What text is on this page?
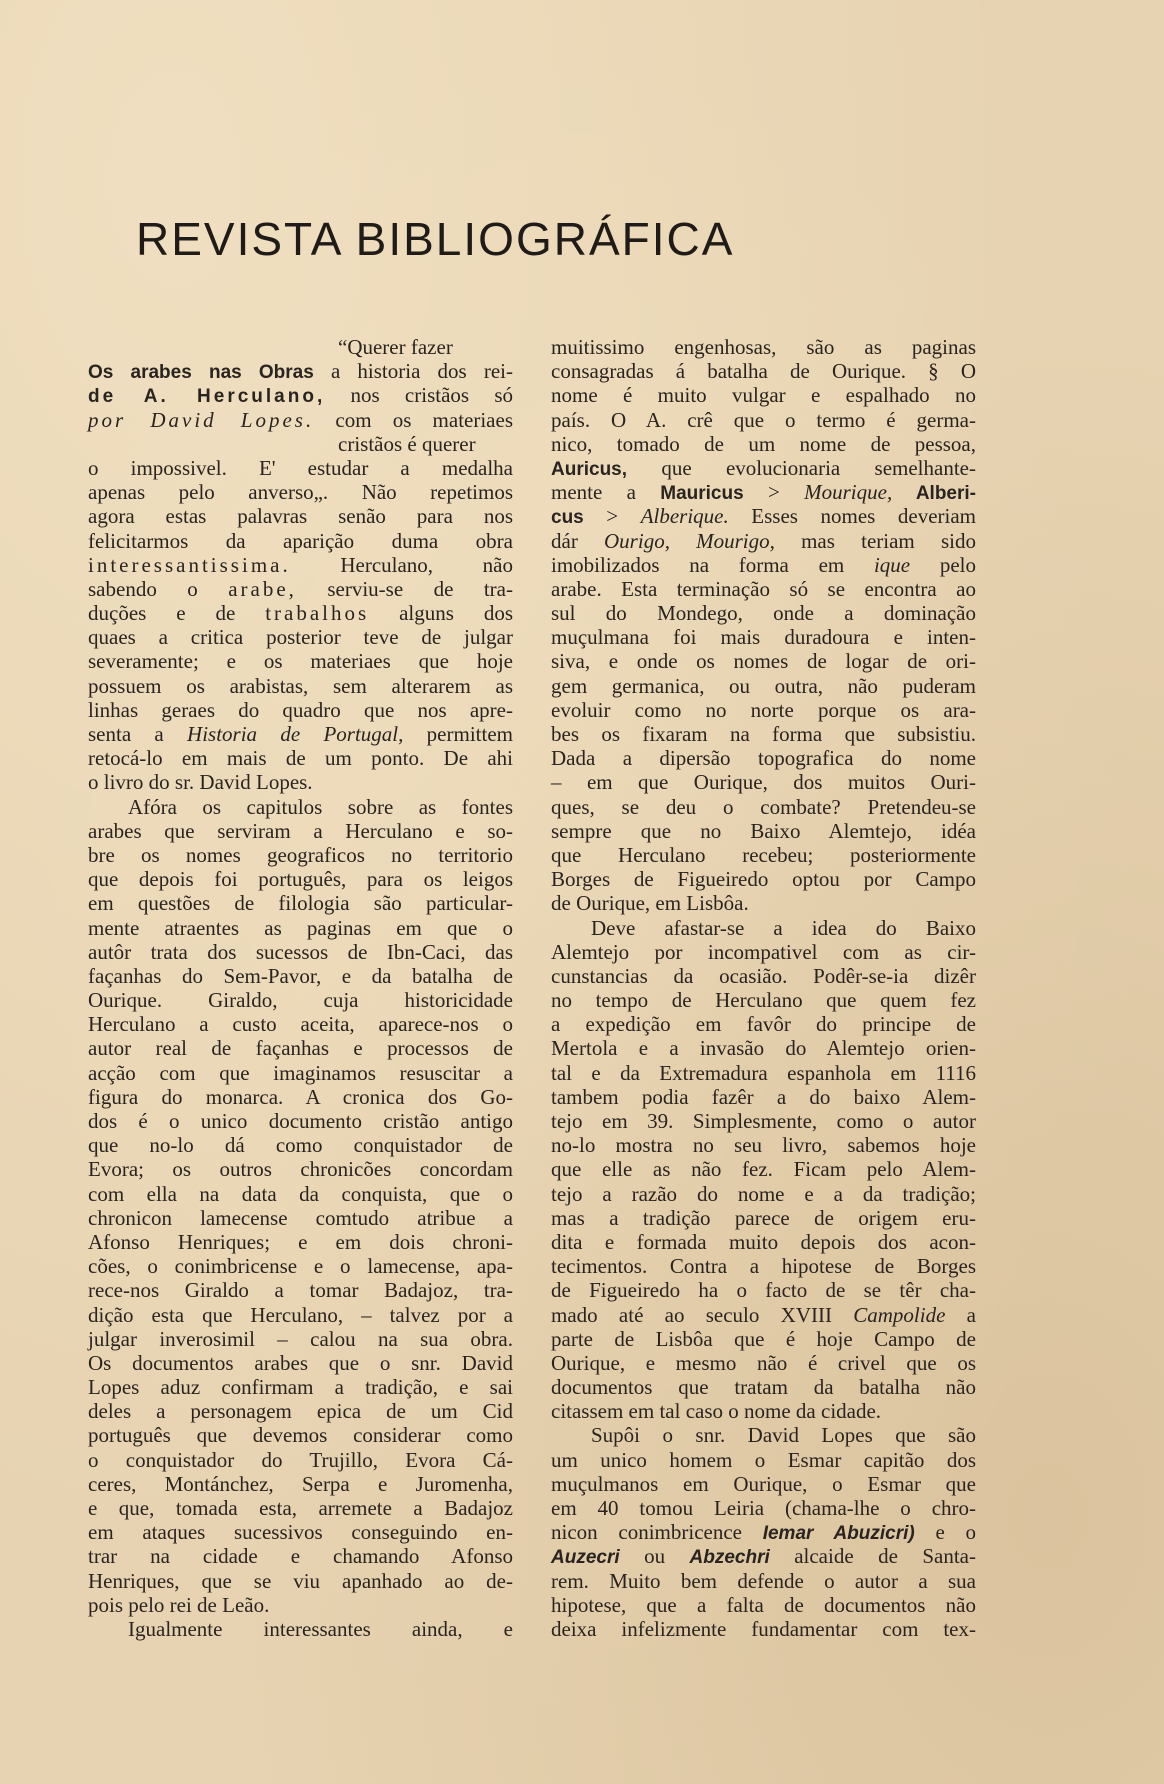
REVISTA BIBLIOGRÁFICA
“Querer fazer
Os arabes nas Obras a historia dos rei-
de A. Herculano, nos cristãos só
por David Lopes. com os materiaes
cristãos é querer
o impossivel. E' estudar a medalha
apenas pelo anverso„. Não repetimos
agora estas palavras senão para nos
felicitarmos da aparição duma obra
interessantissima. Herculano, não
sabendo o arabe, serviu-se de tra-
duções e de trabalhos alguns dos
quaes a critica posterior teve de julgar
severamente; e os materiaes que hoje
possuem os arabistas, sem alterarem as
linhas geraes do quadro que nos apre-
senta a Historia de Portugal, permittem
retocá-lo em mais de um ponto. De ahi
o livro do sr. David Lopes.
Afóra os capitulos sobre as fontes
arabes que serviram a Herculano e so-
bre os nomes geograficos no territorio
que depois foi português, para os leigos
em questões de filologia são particular-
mente atraentes as paginas em que o
autôr trata dos sucessos de Ibn-Caci, das
façanhas do Sem-Pavor, e da batalha de
Ourique. Giraldo, cuja historicidade
Herculano a custo aceita, aparece-nos o
autor real de façanhas e processos de
acção com que imaginamos resuscitar a
figura do monarca. A cronica dos Go-
dos é o unico documento cristão antigo
que no-lo dá como conquistador de
Evora; os outros chronicões concordam
com ella na data da conquista, que o
chronicon lamecense comtudo atribue a
Afonso Henriques; e em dois chroni-
cões, o conimbricense e o lamecense, apa-
rece-nos Giraldo a tomar Badajoz, tra-
dição esta que Herculano, – talvez por a
julgar inverosimil – calou na sua obra.
Os documentos arabes que o snr. David
Lopes aduz confirmam a tradição, e sai
deles a personagem epica de um Cid
português que devemos considerar como
o conquistador do Trujillo, Evora Cá-
ceres, Montánchez, Serpa e Juromenha,
e que, tomada esta, arremete a Badajoz
em ataques sucessivos conseguindo en-
trar na cidade e chamando Afonso
Henriques, que se viu apanhado ao de-
pois pelo rei de Leão.
Igualmente interessantes ainda, e
muitissimo engenhosas, são as paginas
consagradas á batalha de Ourique. § O
nome é muito vulgar e espalhado no
país. O A. crê que o termo é germa-
nico, tomado de um nome de pessoa,
Auricus, que evolucionaria semelhante-
mente a Mauricus > Mourique, Alberi-
cus > Alberique. Esses nomes deveriam
dár Ourigo, Mourigo, mas teriam sido
imobilizados na forma em ique pelo
arabe. Esta terminação só se encontra ao
sul do Mondego, onde a dominação
muçulmana foi mais duradoura e inten-
siva, e onde os nomes de logar de ori-
gem germanica, ou outra, não puderam
evoluir como no norte porque os ara-
bes os fixaram na forma que subsistiu.
Dada a dipersão topografica do nome
– em que Ourique, dos muitos Ouri-
ques, se deu o combate? Pretendeu-se
sempre que no Baixo Alemtejo, idéa
que Herculano recebeu; posteriormente
Borges de Figueiredo optou por Campo
de Ourique, em Lisbôa.
Deve afastar-se a idea do Baixo
Alemtejo por incompativel com as cir-
cunstancias da ocasião. Podêr-se-ia dizêr
no tempo de Herculano que quem fez
a expedição em favôr do principe de
Mertola e a invasão do Alemtejo orien-
tal e da Extremadura espanhola em 1116
tambem podia fazêr a do baixo Alem-
tejo em 39. Simplesmente, como o autor
no-lo mostra no seu livro, sabemos hoje
que elle as não fez. Ficam pelo Alem-
tejo a razão do nome e a da tradição;
mas a tradição parece de origem eru-
dita e formada muito depois dos acon-
tecimentos. Contra a hipotese de Borges
de Figueiredo ha o facto de se têr cha-
mado até ao seculo XVIII Campolide a
parte de Lisbôa que é hoje Campo de
Ourique, e mesmo não é crivel que os
documentos que tratam da batalha não
citassem em tal caso o nome da cidade.
Supôi o snr. David Lopes que são
um unico homem o Esmar capitão dos
muçulmanos em Ourique, o Esmar que
em 40 tomou Leiria (chama-lhe o chro-
nicon conimbricence Iemar Abuzicri) e o
Auzecri ou Abzechri alcaide de Santa-
rem. Muito bem defende o autor a sua
hipotese, que a falta de documentos não
deixa infelizmente fundamentar com tex-
